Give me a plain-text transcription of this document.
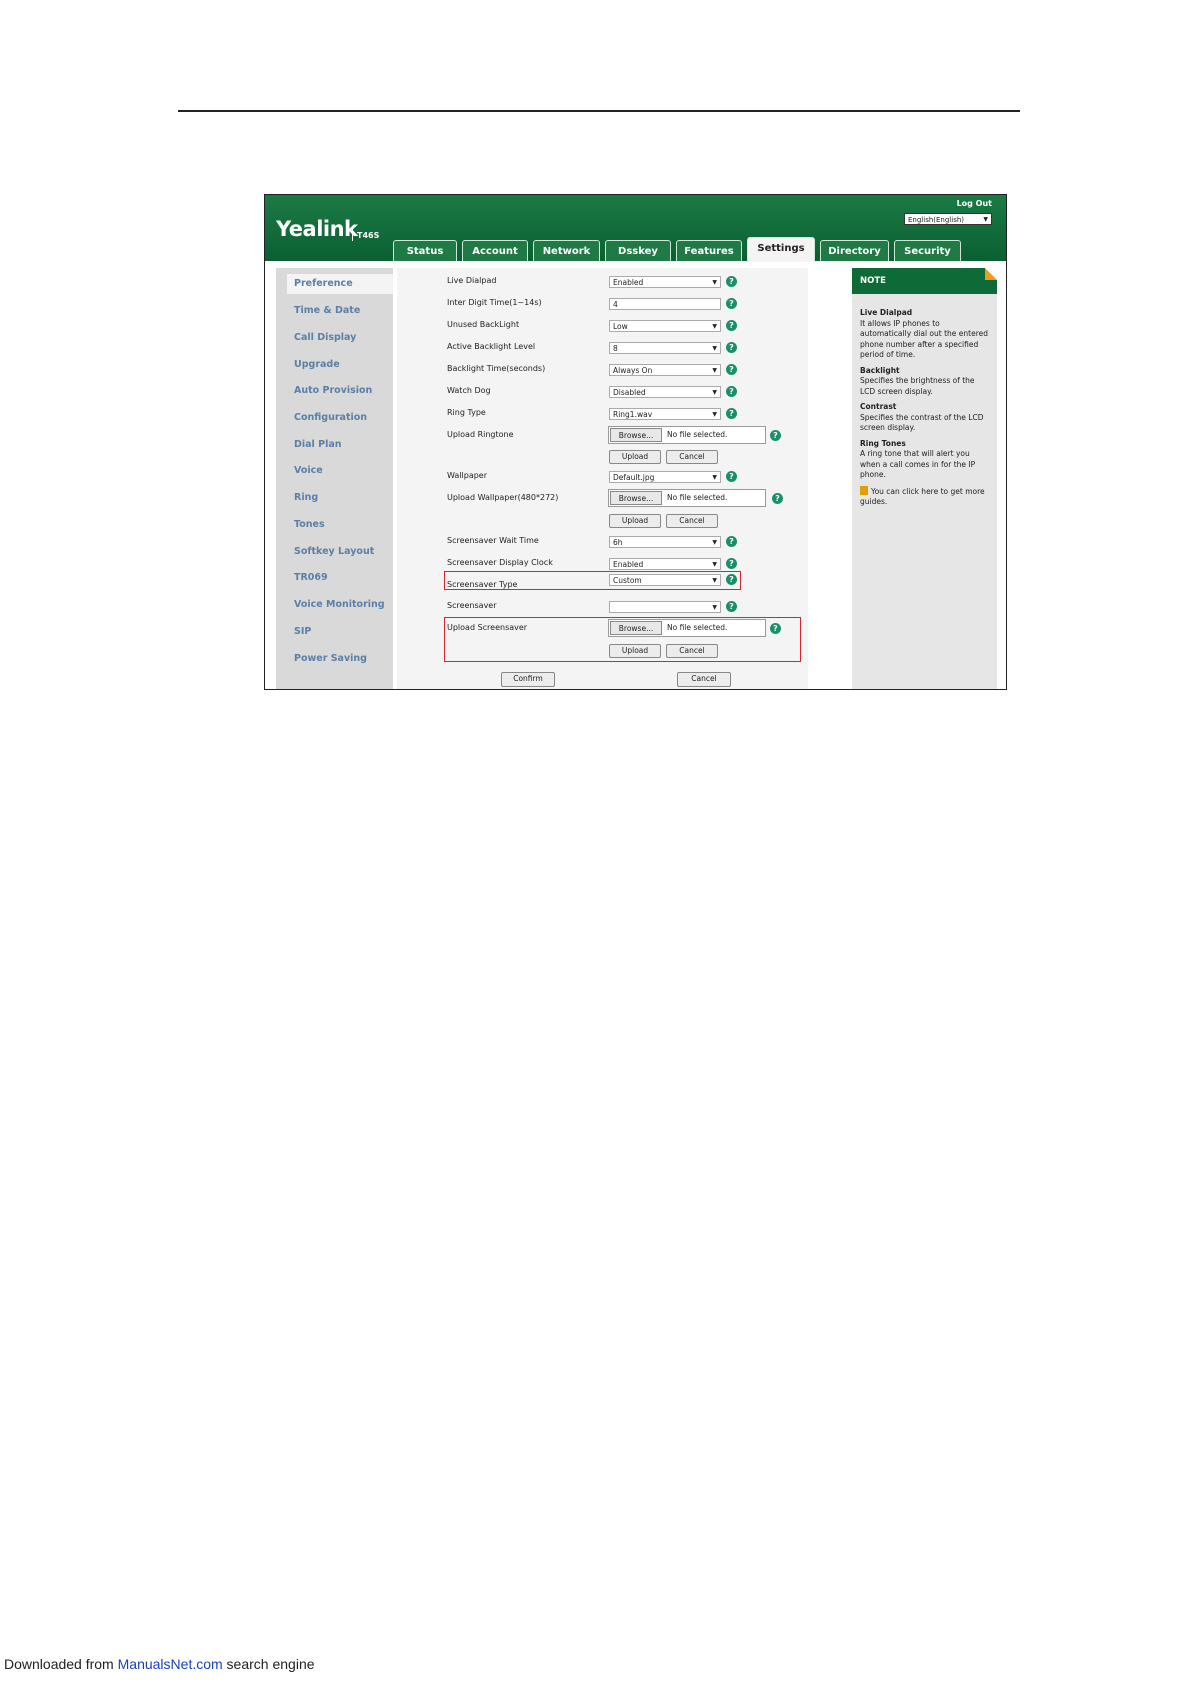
Yealink T46S
Log Out
English(English)	▼
Status	Account	Network	Dsskey	Features	Settings	Directory	Security
Preference
Time & Date
Call Display
Upgrade
Auto Provision
Configuration
Dial Plan
Voice
Ring
Tones
Softkey Layout
TR069
Voice Monitoring
SIP
Power Saving
Live Dialpad	Enabled	▼	?
Inter Digit Time(1~14s)	4	?
Unused BackLight	Low	▼	?
Active Backlight Level	8	▼	?
Backlight Time(seconds)	Always On	▼	?
Watch Dog	Disabled	▼	?
Ring Type	Ring1.wav	▼	?
Upload Ringtone	Browse...	No file selected.	?
Upload	Cancel
Wallpaper	Default.jpg	▼	?
Upload Wallpaper(480*272)	Browse...	No file selected.	?
Upload	Cancel
Screensaver Wait Time	6h	▼	?
Screensaver Display Clock	Enabled	▼	?
Screensaver Type	Custom	▼	?
Screensaver	▼	?
Upload Screensaver	Browse...	No file selected.	?
Upload	Cancel
Confirm	Cancel
NOTE

Live Dialpad
It allows IP phones to automatically dial out the entered phone number after a specified period of time.

Backlight
Specifies the brightness of the LCD screen display.

Contrast
Specifies the contrast of the LCD screen display.

Ring Tones
A ring tone that will alert you when a call comes in for the IP phone.

You can click here to get more guides.

Downloaded from ManualsNet.com search engine
